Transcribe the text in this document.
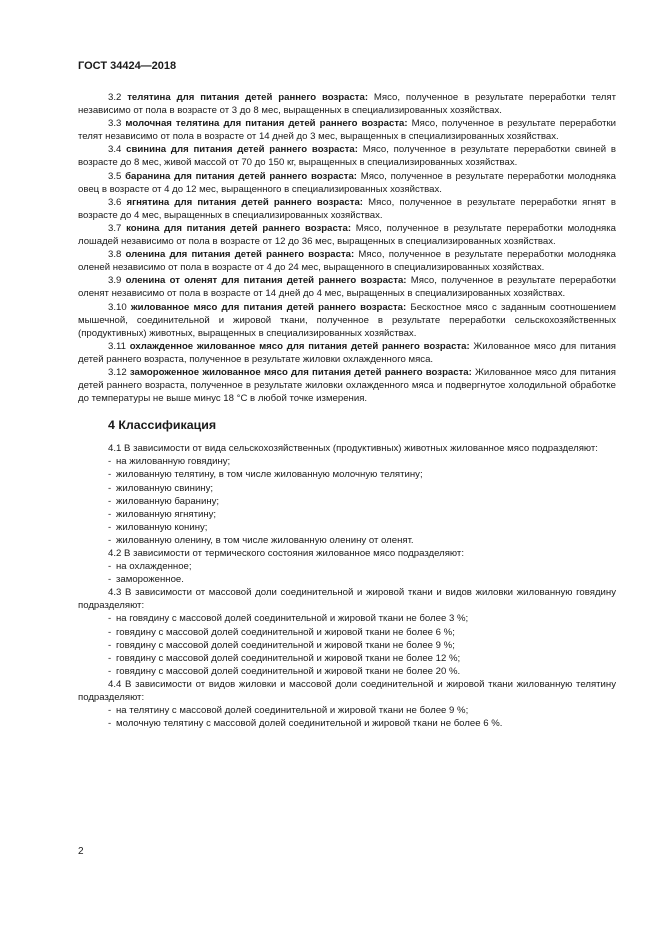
ГОСТ 34424—2018

3.2 телятина для питания детей раннего возраста: Мясо, полученное в результате переработки телят независимо от пола в возрасте от 3 до 8 мес, выращенных в специализированных хозяйствах.

3.3 молочная телятина для питания детей раннего возраста: Мясо, полученное в результате переработки телят независимо от пола в возрасте от 14 дней до 3 мес, выращенных в специализированных хозяйствах.

3.4 свинина для питания детей раннего возраста: Мясо, полученное в результате переработки свиней в возрасте до 8 мес, живой массой от 70 до 150 кг, выращенных в специализированных хозяйствах.

3.5 баранина для питания детей раннего возраста: Мясо, полученное в результате переработки молодняка овец в возрасте от 4 до 12 мес, выращенного в специализированных хозяйствах.

3.6 ягнятина для питания детей раннего возраста: Мясо, полученное в результате переработки ягнят в возрасте до 4 мес, выращенных в специализированных хозяйствах.

3.7 конина для питания детей раннего возраста: Мясо, полученное в результате переработки молодняка лошадей независимо от пола в возрасте от 12 до 36 мес, выращенных в специализированных хозяйствах.

3.8 оленина для питания детей раннего возраста: Мясо, полученное в результате переработки молодняка оленей независимо от пола в возрасте от 4 до 24 мес, выращенного в специализированных хозяйствах.

3.9 оленина от оленят для питания детей раннего возраста: Мясо, полученное в результате переработки оленят независимо от пола в возрасте от 14 дней до 4 мес, выращенных в специализированных хозяйствах.

3.10 жилованное мясо для питания детей раннего возраста: Бескостное мясо с заданным соотношением мышечной, соединительной и жировой ткани, полученное в результате переработки сельскохозяйственных (продуктивных) животных, выращенных в специализированных хозяйствах.

3.11 охлажденное жилованное мясо для питания детей раннего возраста: Жилованное мясо для питания детей раннего возраста, полученное в результате жиловки охлажденного мяса.

3.12 замороженное жилованное мясо для питания детей раннего возраста: Жилованное мясо для питания детей раннего возраста, полученное в результате жиловки охлажденного мяса и подвергнутое холодильной обработке до температуры не выше минус 18 °С в любой точке измерения.

4 Классификация

4.1 В зависимости от вида сельскохозяйственных (продуктивных) животных жилованное мясо подразделяют:

- на жилованную говядину;
- жилованную телятину, в том числе жилованную молочную телятину;
- жилованную свинину;
- жилованную баранину;
- жилованную ягнятину;
- жилованную конину;
- жилованную оленину, в том числе жилованную оленину от оленят.

4.2 В зависимости от термического состояния жилованное мясо подразделяют:

- на охлажденное;
- замороженное.

4.3 В зависимости от массовой доли соединительной и жировой ткани и видов жиловки жилованную говядину подразделяют:

- на говядину с массовой долей соединительной и жировой ткани не более 3 %;
- говядину с массовой долей соединительной и жировой ткани не более 6 %;
- говядину с массовой долей соединительной и жировой ткани не более 9 %;
- говядину с массовой долей соединительной и жировой ткани не более 12 %;
- говядину с массовой долей соединительной и жировой ткани не более 20 %.

4.4 В зависимости от видов жиловки и массовой доли соединительной и жировой ткани жилованную телятину подразделяют:

- на телятину с массовой долей соединительной и жировой ткани не более 9 %;
- молочную телятину с массовой долей соединительной и жировой ткани не более 6 %.
2
